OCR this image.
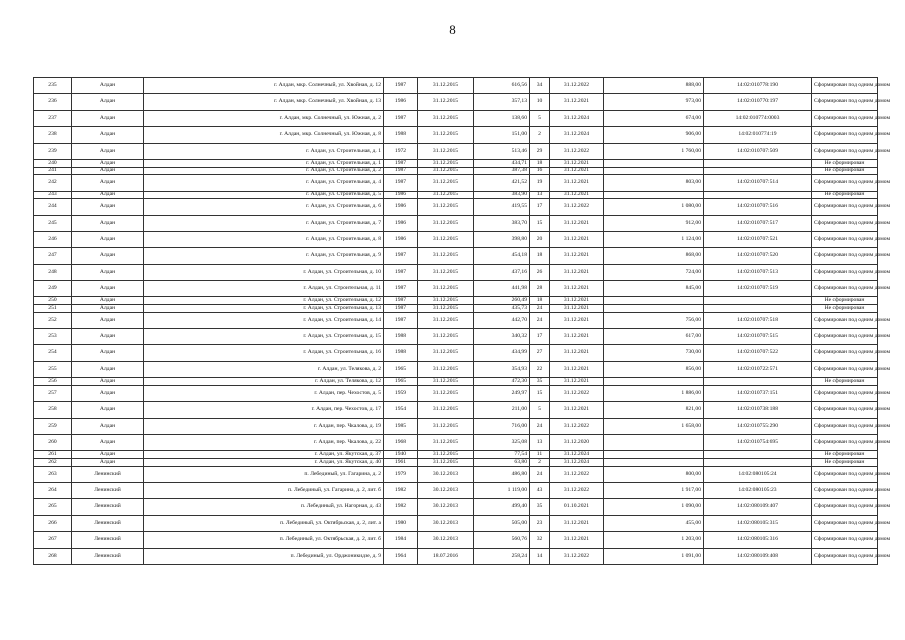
8
235	Алдан	г. Алдан, мкр. Солнечный, ул. Хвойная, д. 12	1987	31.12.2015	616,56	34	31.12.2022	888,00	14:02:010778:190	Сформирован под одним домом
236	Алдан	г. Алдан, мкр. Солнечный, ул. Хвойная, д. 13	1986	31.12.2015	357,13	10	31.12.2021	973,00	14:02:010770:197	Сформирован под одним домом
237	Алдан	г. Алдан, мкр. Солнечный, ул. Южная, д. 2	1987	31.12.2015	138,60	5	31.12.2024	674,00	14:02:010774:0003	Сформирован под одним домом
238	Алдан	г. Алдан, мкр. Солнечный, ул. Южная, д. 8	1988	31.12.2015	151,00	2	31.12.2024	906,00	14:02:010774:19	Сформирован под одним домом
239	Алдан	г. Алдан, ул. Строительная, д. 1	1972	31.12.2015	513,46	29	31.12.2022	1 760,00	14:02:010707:509	Сформирован под одним домом
240	Алдан	г. Алдан, ул. Строительная, д. 1	1987	31.12.2015	434,71	18	31.12.2021			Не сформирован
241	Алдан	г. Алдан, ул. Строительная, д. 2	1987	31.12.2015	387,38	16	31.12.2021			Не сформирован
242	Алдан	г. Алдан, ул. Строительная, д. 4	1987	31.12.2015	421,52	19	31.12.2021	803,00	14:02:010707:514	Сформирован под одним домом
243	Алдан	г. Алдан, ул. Строительная, д. 5	1986	31.12.2015	383,90	13	31.12.2021			Не сформирован
244	Алдан	г. Алдан, ул. Строительная, д. 6	1986	31.12.2015	419,55	17	31.12.2022	1 080,00	14:02:010707:516	Сформирован под одним домом
245	Алдан	г. Алдан, ул. Строительная, д. 7	1986	31.12.2015	383,70	15	31.12.2021	912,00	14:02:010707:517	Сформирован под одним домом
246	Алдан	г. Алдан, ул. Строительная, д. 8	1986	31.12.2015	398,80	20	31.12.2021	1 124,00	14:02:010707:521	Сформирован под одним домом
247	Алдан	г. Алдан, ул. Строительная, д. 9	1987	31.12.2015	454,18	18	31.12.2021	868,00	14:02:010707:520	Сформирован под одним домом
248	Алдан	г. Алдан, ул. Строительная, д. 10	1987	31.12.2015	437,16	26	31.12.2021	724,00	14:02:010707:513	Сформирован под одним домом
249	Алдан	г. Алдан, ул. Строительная, д. 11	1987	31.12.2015	441,98	28	31.12.2021	845,00	14:02:010707:519	Сформирован под одним домом
250	Алдан	г. Алдан, ул. Строительная, д. 12	1987	31.12.2015	260,49	18	31.12.2021			Не сформирован
251	Алдан	г. Алдан, ул. Строительная, д. 13	1987	31.12.2015	435,73	24	31.12.2021			Не сформирован
252	Алдан	г. Алдан, ул. Строительная, д. 14	1987	31.12.2015	442,70	24	31.12.2021	756,00	14:02:010707:518	Сформирован под одним домом
253	Алдан	г. Алдан, ул. Строительная, д. 15	1988	31.12.2015	340,32	17	31.12.2021	617,00	14:02:010707:515	Сформирован под одним домом
254	Алдан	г. Алдан, ул. Строительная, д. 16	1988	31.12.2015	434,99	27	31.12.2021	730,00	14:02:010707:522	Сформирован под одним домом
255	Алдан	г. Алдан, ул. Телякова, д. 2	1965	31.12.2015	354,93	22	31.12.2021	856,00	14:02:010722:571	Сформирован под одним домом
256	Алдан	г. Алдан, ул. Телякова, д. 12	1965	31.12.2015	472,30	35	31.12.2021			Не сформирован
257	Алдан	г. Алдан, пер. Чехостов, д. 5	1959	31.12.2015	249,97	15	31.12.2022	1 886,00	14:02:010737:151	Сформирован под одним домом
258	Алдан	г. Алдан, пер. Чехостов, д. 17	1954	31.12.2015	211,00	5	31.12.2021	821,00	14:02:010738:188	Сформирован под одним домом
259	Алдан	г. Алдан, пер. Чкалова, д. 19	1985	31.12.2015	716,00	24	31.12.2022	1 658,00	14:02:010755:290	Сформирован под одним домом
260	Алдан	г. Алдан, пер. Чкалова, д. 22	1968	31.12.2015	325,08	13	31.12.2020		14:02:010754:695	Сформирован под одним домом
261	Алдан	г. Алдан, ул. Якутская, д. 37	1940	31.12.2015	77,54	11	31.12.2024			Не сформирован
262	Алдан	г. Алдан, ул. Якутская, д. 40	1961	31.12.2015	63,80	2	31.12.2024			Не сформирован
263	Ленинский	п. Лебединый, ул. Гагарина, д. 2	1979	30.12.2013	486,80	24	31.12.2022	800,00	14:02:080105:24	Сформирован под одним домом
264	Ленинский	п. Лебединый, ул. Гагарина, д. 2, лит. б	1982	30.12.2013	1 119,00	43	31.12.2022	1 917,00	14:02:080105:23	Сформирован под одним домом
265	Ленинский	п. Лебединый, ул. Нагорная, д. 43	1982	30.12.2013	499,40	35	01.10.2021	1 090,00	14:02:080109:407	Сформирован под одним домом
266	Ленинский	п. Лебединый, ул. Октябрьская, д. 2, лит. а	1980	30.12.2013	505,00	23	31.12.2021	455,00	14:02:080105:315	Сформирован под одним домом
267	Ленинский	п. Лебединый, ул. Октябрьская, д. 2, лит. б	1984	30.12.2013	560,76	32	31.12.2021	1 203,00	14:02:080105:316	Сформирован под одним домом
268	Ленинский	п. Лебединый, ул. Орджоникидзе, д. 9	1964	18.07.2016	258,24	14	31.12.2022	1 091,00	14:02:080109:408	Сформирован под одним домом
